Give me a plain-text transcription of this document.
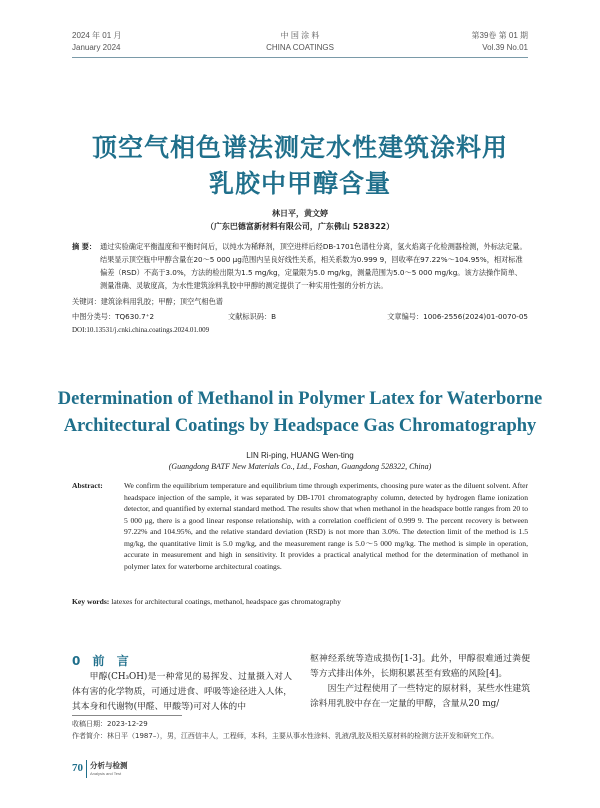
2024 年 01 月
January 2024
中 国 涂 料
CHINA COATINGS
第39卷 第 01 期
Vol.39 No.01
顶空气相色谱法测定水性建筑涂料用
乳胶中甲醇含量
林日平，黄文婷
（广东巴德富新材料有限公司，广东佛山 528322）
摘 要： 通过实验确定平衡温度和平衡时间后，以纯水为稀释剂，顶空进样后经DB-1701色谱柱分离，氢火焰离子化检测器检测，外标法定量。结果显示顶空瓶中甲醇含量在20～5 000 μg范围内呈良好线性关系，相关系数为0.999 9，回收率在97.22%～104.95%，相对标准偏差（RSD）不高于3.0%，方法的检出限为1.5 mg/kg，定量限为5.0 mg/kg，测量范围为5.0～5 000 mg/kg。该方法操作简单、测量准确、灵敏度高，为水性建筑涂料乳胶中甲醇的测定提供了一种实用性强的分析方法。
关键词：建筑涂料用乳胶；甲醇；顶空气相色谱
中图分类号：TQ630.7⁺2	文献标识码：B	文章编号：1006-2556(2024)01-0070-05
DOI:10.13531/j.cnki.china.coatings.2024.01.009
Determination of Methanol in Polymer Latex for Waterborne
Architectural Coatings by Headspace Gas Chromatography
LIN Ri-ping, HUANG Wen-ting
(Guangdong BATF New Materials Co., Ltd., Foshan, Guangdong 528322, China)
Abstract:	We confirm the equilibrium temperature and equilibrium time through experiments, choosing pure water as the diluent solvent. After headspace injection of the sample, it was separated by DB-1701 chromatography column, detected by hydrogen flame ionization detector, and quantified by external standard method. The results show that when methanol in the headspace bottle ranges from 20 to 5 000 μg, there is a good linear response relationship, with a correlation coefficient of 0.999 9. The percent recovery is between 97.22% and 104.95%, and the relative standard deviation (RSD) is not more than 3.0%. The detection limit of the method is 1.5 mg/kg, the quantitative limit is 5.0 mg/kg, and the measurement range is 5.0～5 000 mg/kg. The method is simple in operation, accurate in measurement and high in sensitivity. It provides a practical analytical method for the determination of methanol in polymer latex for waterborne architectural coatings.
Key words: latexes for architectural coatings, methanol, headspace gas chromatography
0 前 言

甲醇(CH₃OH)是一种常见的易挥发、过量摄入对人体有害的化学物质，可通过进食、呼吸等途径进入人体，其本身和代谢物(甲醛、甲酸等)可对人体的中

枢神经系统等造成损伤[1-3]。此外，甲醇很难通过粪便等方式排出体外，长期积累甚至有致癌的风险[4]。

因生产过程使用了一些特定的原材料，某些水性建筑涂料用乳胶中存在一定量的甲醇，含量从20 mg/

收稿日期：2023-12-29
作者简介：林日平（1987–），男，江西信丰人，工程师，本科，主要从事水性涂料、乳液/乳胶及相关原材料的检测方法开发和研究工作。
70 分析与检测
Analysis and Test
